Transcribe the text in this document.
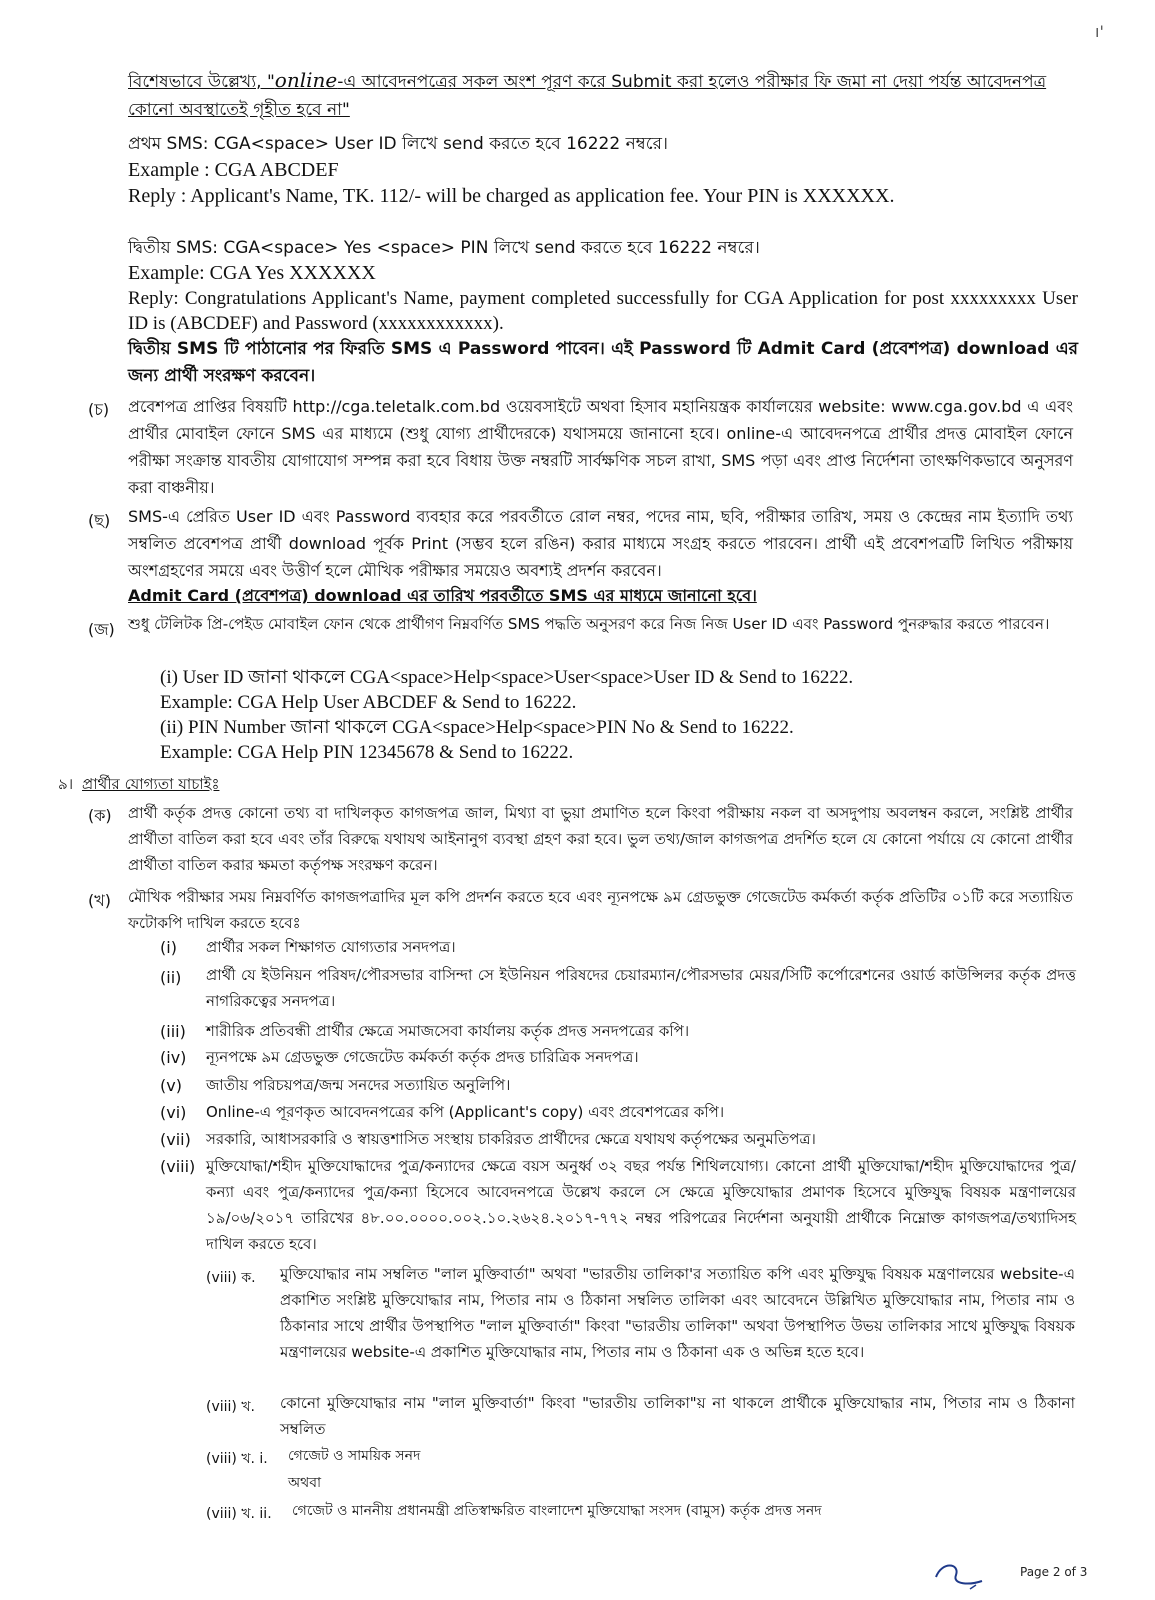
ı'
বিশেষভাবে উল্লেখ্য, "online-এ আবেদনপত্রের সকল অংশ পূরণ করে Submit করা হলেও পরীক্ষার ফি জমা না দেয়া পর্যন্ত আবেদনপত্র কোনো অবস্থাতেই গৃহীত হবে না"
প্রথম SMS: CGA<space> User ID লিখে send করতে হবে 16222 নম্বরে।
Example : CGA ABCDEF
Reply : Applicant's Name, TK. 112/- will be charged as application fee. Your PIN is XXXXXX.
দ্বিতীয় SMS: CGA<space> Yes <space> PIN লিখে send করতে হবে 16222 নম্বরে।
Example: CGA Yes XXXXXX
Reply: Congratulations Applicant's Name, payment completed successfully for CGA Application for post xxxxxxxxx User ID is (ABCDEF) and Password (xxxxxxxxxxxx).
দ্বিতীয় SMS টি পাঠানোর পর ফিরতি SMS এ Password পাবেন। এই Password টি Admit Card (প্রবেশপত্র) download এর জন্য প্রার্থী সংরক্ষণ করবেন।
(চ) প্রবেশপত্র প্রাপ্তির বিষয়টি http://cga.teletalk.com.bd ওয়েবসাইটে অথবা হিসাব মহানিয়ন্ত্রক কার্যালয়ের website: www.cga.gov.bd এ এবং প্রার্থীর মোবাইল ফোনে SMS এর মাধ্যমে (শুধু যোগ্য প্রার্থীদেরকে) যথাসময়ে জানানো হবে। online-এ আবেদনপত্রে প্রার্থীর প্রদত্ত মোবাইল ফোনে পরীক্ষা সংক্রান্ত যাবতীয় যোগাযোগ সম্পন্ন করা হবে বিধায় উক্ত নম্বরটি সার্বক্ষণিক সচল রাখা, SMS পড়া এবং প্রাপ্ত নির্দেশনা তাৎক্ষণিকভাবে অনুসরণ করা বাঞ্চনীয়।
(ছ) SMS-এ প্রেরিত User ID এবং Password ব্যবহার করে পরবর্তীতে রোল নম্বর, পদের নাম, ছবি, পরীক্ষার তারিখ, সময় ও কেন্দ্রের নাম ইত্যাদি তথ্য সম্বলিত প্রবেশপত্র প্রার্থী download পূর্বক Print (সম্ভব হলে রঙিন) করার মাধ্যমে সংগ্রহ করতে পারবেন। প্রার্থী এই প্রবেশপত্রটি লিখিত পরীক্ষায় অংশগ্রহণের সময়ে এবং উত্তীর্ণ হলে মৌখিক পরীক্ষার সময়েও অবশ্যই প্রদর্শন করবেন।
Admit Card (প্রবেশপত্র) download এর তারিখ পরবর্তীতে SMS এর মাধ্যমে জানানো হবে।
(জ) শুধু টেলিটক প্রি-পেইড মোবাইল ফোন থেকে প্রার্থীগণ নিম্নবর্ণিত SMS পদ্ধতি অনুসরণ করে নিজ নিজ User ID এবং Password পুনরুদ্ধার করতে পারবেন।
(i) User ID জানা থাকলে CGA<space>Help<space>User<space>User ID & Send to 16222.
Example: CGA Help User ABCDEF & Send to 16222.
(ii) PIN Number জানা থাকলে CGA<space>Help<space>PIN No & Send to 16222.
Example: CGA Help PIN 12345678 & Send to 16222.
৯। প্রার্থীর যোগ্যতা যাচাইঃ
(ক) প্রার্থী কর্তৃক প্রদত্ত কোনো তথ্য বা দাখিলকৃত কাগজপত্র জাল, মিথ্যা বা ভুয়া প্রমাণিত হলে কিংবা পরীক্ষায় নকল বা অসদুপায় অবলম্বন করলে, সংশ্লিষ্ট প্রার্থীর প্রার্থীতা বাতিল করা হবে এবং তাঁর বিরুদ্ধে যথাযথ আইনানুগ ব্যবস্থা গ্রহণ করা হবে। ভুল তথ্য/জাল কাগজপত্র প্রদর্শিত হলে যে কোনো পর্যায়ে যে কোনো প্রার্থীর প্রার্থীতা বাতিল করার ক্ষমতা কর্তৃপক্ষ সংরক্ষণ করেন।
(খ) মৌখিক পরীক্ষার সময় নিম্নবর্ণিত কাগজপত্রাদির মূল কপি প্রদর্শন করতে হবে এবং ন্যূনপক্ষে ৯ম গ্রেডভুক্ত গেজেটেড কর্মকর্তা কর্তৃক প্রতিটির ০১টি করে সত্যায়িত ফটোকপি দাখিল করতে হবেঃ
(i) প্রার্থীর সকল শিক্ষাগত যোগ্যতার সনদপত্র।
(ii) প্রার্থী যে ইউনিয়ন পরিষদ/পৌরসভার বাসিন্দা সে ইউনিয়ন পরিষদের চেয়ারম্যান/পৌরসভার মেয়র/সিটি কর্পোরেশনের ওয়ার্ড কাউন্সিলর কর্তৃক প্রদত্ত নাগরিকত্বের সনদপত্র।
(iii) শারীরিক প্রতিবন্ধী প্রার্থীর ক্ষেত্রে সমাজসেবা কার্যালয় কর্তৃক প্রদত্ত সনদপত্রের কপি।
(iv) ন্যূনপক্ষে ৯ম গ্রেডভুক্ত গেজেটেড কর্মকর্তা কর্তৃক প্রদত্ত চারিত্রিক সনদপত্র।
(v) জাতীয় পরিচয়পত্র/জন্ম সনদের সত্যায়িত অনুলিপি।
(vi) Online-এ পূরণকৃত আবেদনপত্রের কপি (Applicant's copy) এবং প্রবেশপত্রের কপি।
(vii) সরকারি, আধাসরকারি ও স্বায়ত্তশাসিত সংস্থায় চাকরিরত প্রার্থীদের ক্ষেত্রে যথাযথ কর্তৃপক্ষের অনুমতিপত্র।
(viii) মুক্তিযোদ্ধা/শহীদ মুক্তিযোদ্ধাদের পুত্র/কন্যাদের ক্ষেত্রে বয়স অনুর্ধ্ব ৩২ বছর পর্যন্ত শিথিলযোগ্য। কোনো প্রার্থী মুক্তিযোদ্ধা/শহীদ মুক্তিযোদ্ধাদের পুত্র/কন্যা এবং পুত্র/কন্যাদের পুত্র/কন্যা হিসেবে আবেদনপত্রে উল্লেখ করলে সে ক্ষেত্রে মুক্তিযোদ্ধার প্রমাণক হিসেবে মুক্তিযুদ্ধ বিষয়ক মন্ত্রণালয়ের ১৯/০৬/২০১৭ তারিখের ৪৮.০০.০০০০.০০২.১০.২৬২৪.২০১৭-৭৭২ নম্বর পরিপত্রের নির্দেশনা অনুযায়ী প্রার্থীকে নিম্নোক্ত কাগজপত্র/তথ্যাদিসহ দাখিল করতে হবে।
(viii) ক. মুক্তিযোদ্ধার নাম সম্বলিত "লাল মুক্তিবার্তা" অথবা "ভারতীয় তালিকা'র সত্যায়িত কপি এবং মুক্তিযুদ্ধ বিষয়ক মন্ত্রণালয়ের website-এ প্রকাশিত সংশ্লিষ্ট মুক্তিযোদ্ধার নাম, পিতার নাম ও ঠিকানা সম্বলিত তালিকা এবং আবেদনে উল্লিখিত মুক্তিযোদ্ধার নাম, পিতার নাম ও ঠিকানার সাথে প্রার্থীর উপস্থাপিত "লাল মুক্তিবার্তা" কিংবা "ভারতীয় তালিকা" অথবা উপস্থাপিত উভয় তালিকার সাথে মুক্তিযুদ্ধ বিষয়ক মন্ত্রণালয়ের website-এ প্রকাশিত মুক্তিযোদ্ধার নাম, পিতার নাম ও ঠিকানা এক ও অভিন্ন হতে হবে।
(viii) খ. কোনো মুক্তিযোদ্ধার নাম "লাল মুক্তিবার্তা" কিংবা "ভারতীয় তালিকা"য় না থাকলে প্রার্থীকে মুক্তিযোদ্ধার নাম, পিতার নাম ও ঠিকানা সম্বলিত
(viii) খ. i. গেজেট ও সাময়িক সনদ
অথবা
(viii) খ. ii. গেজেট ও মাননীয় প্রধানমন্ত্রী প্রতিস্বাক্ষরিত বাংলাদেশ মুক্তিযোদ্ধা সংসদ (বামুস) কর্তৃক প্রদত্ত সনদ
Page 2 of 3
